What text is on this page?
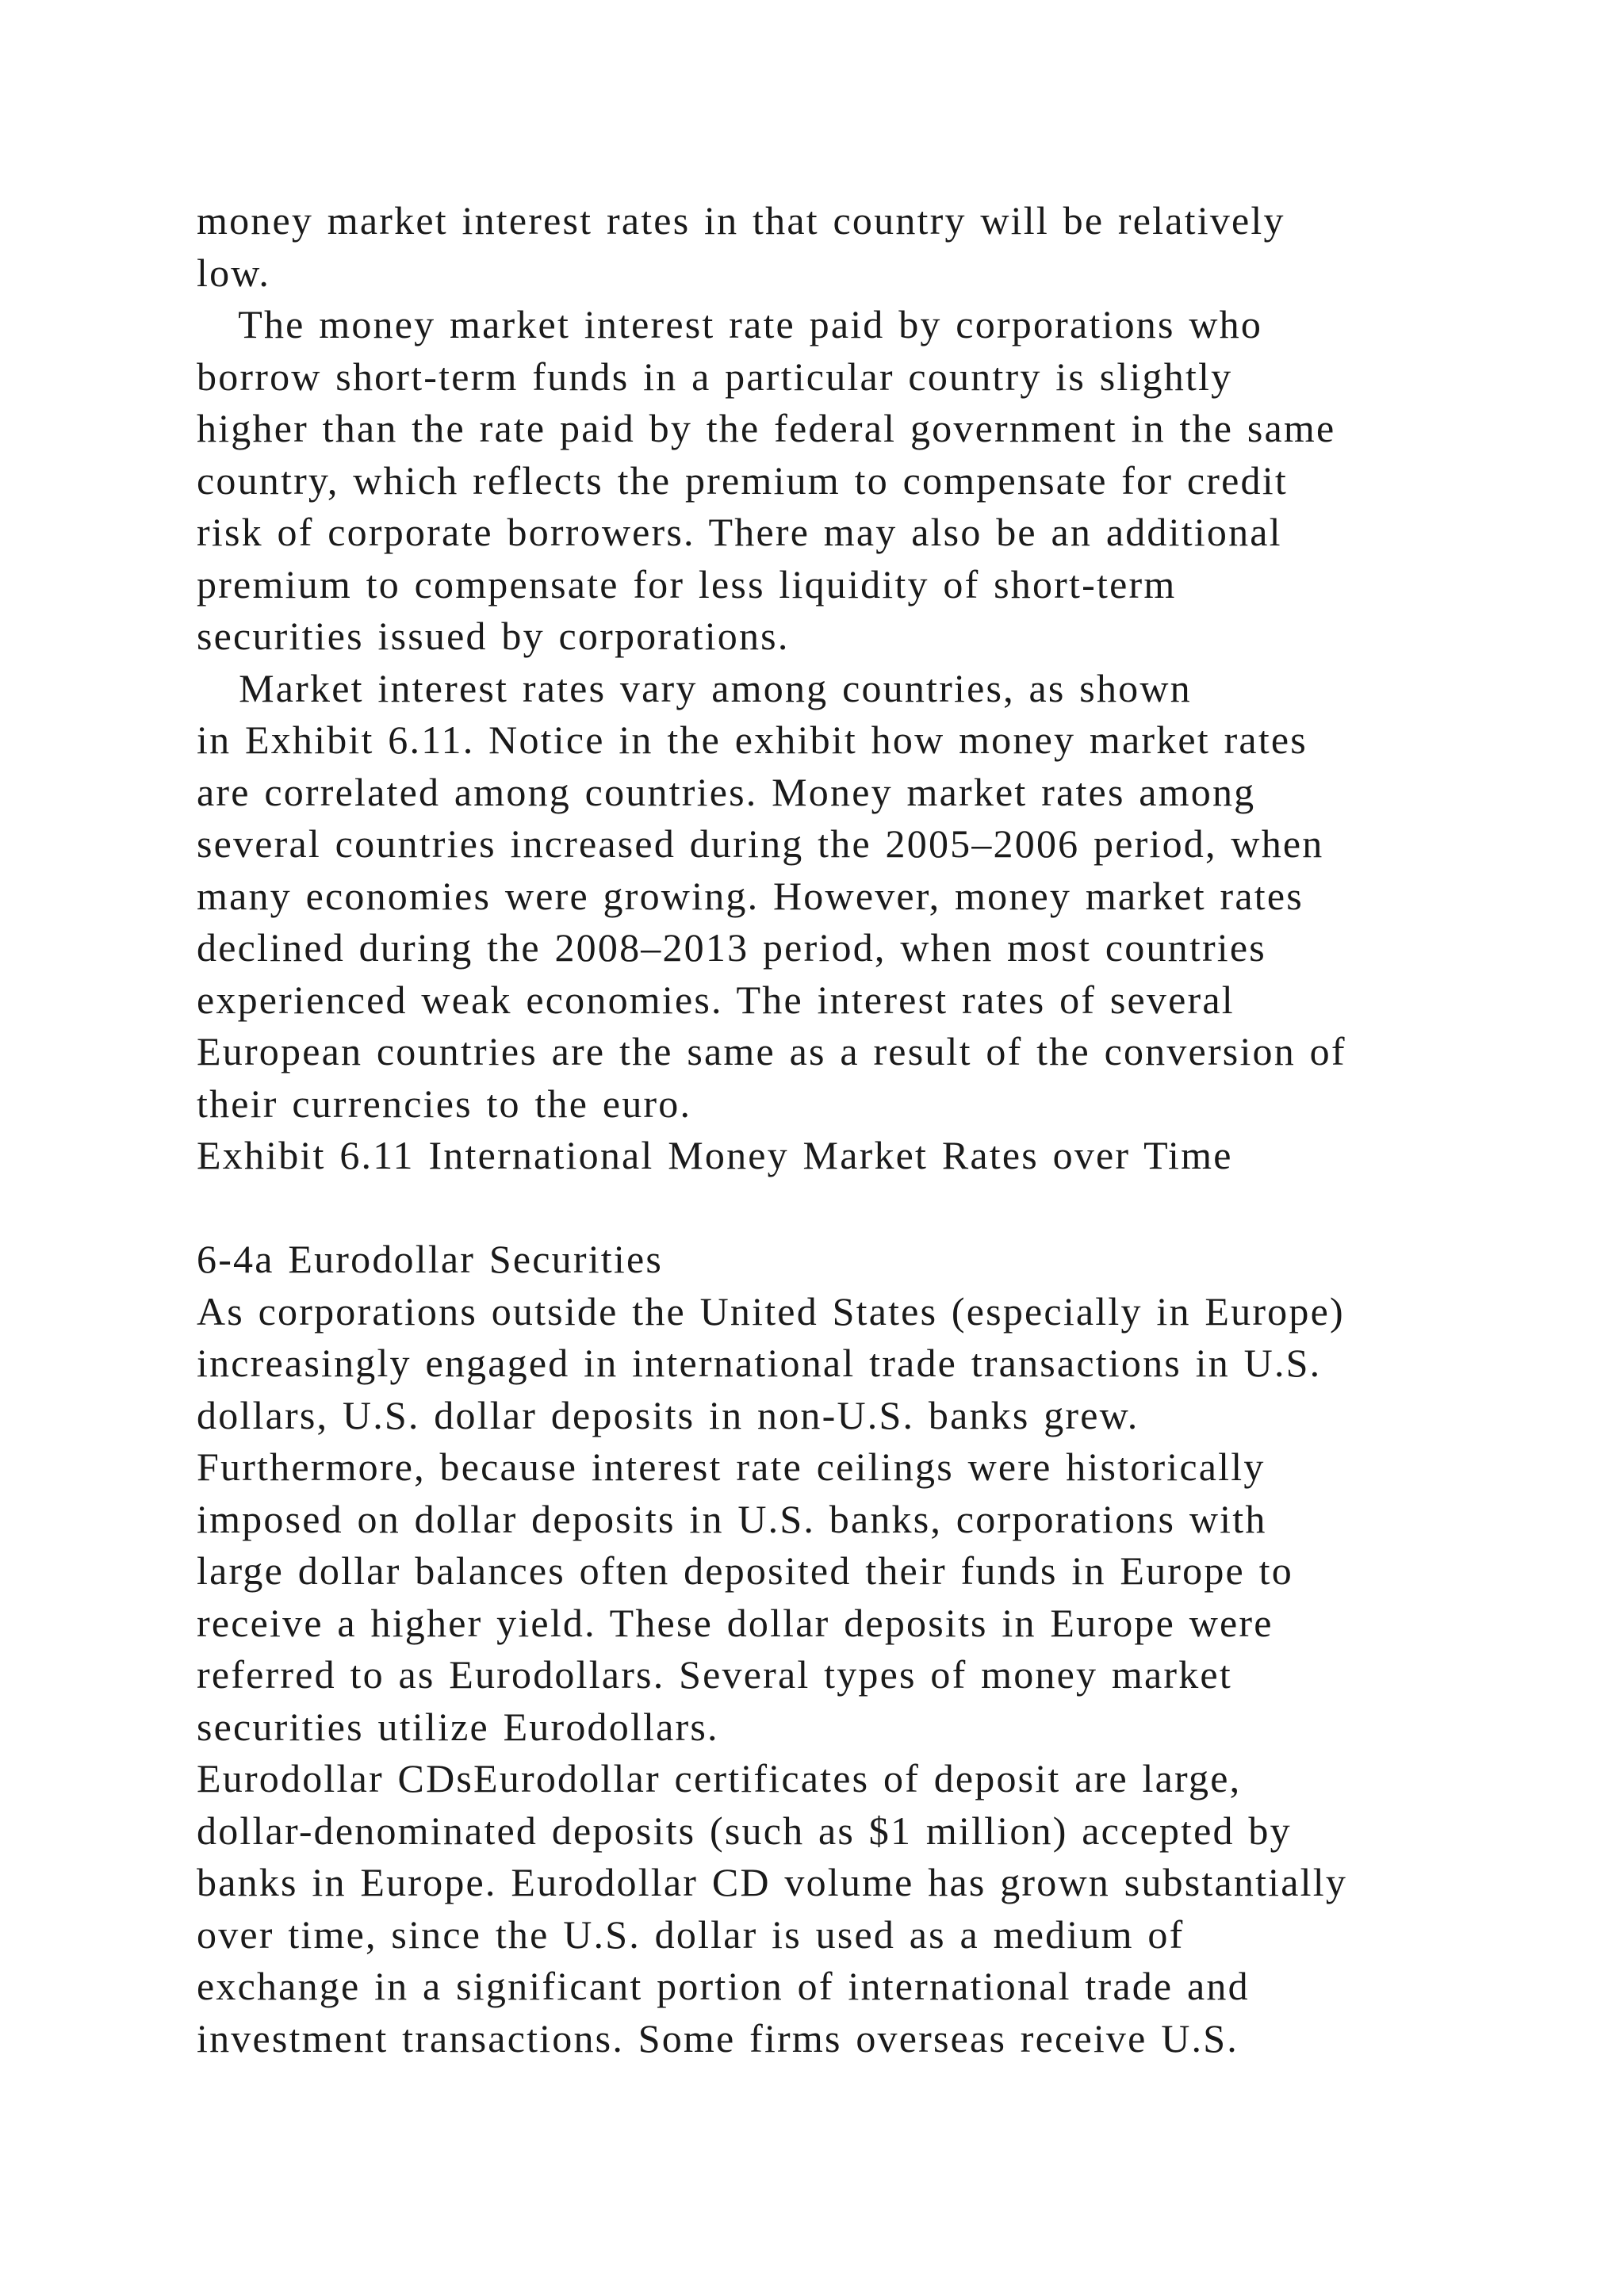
money market interest rates in that country will be relatively
low.
The money market interest rate paid by corporations who
borrow short-term funds in a particular country is slightly
higher than the rate paid by the federal government in the same
country, which reflects the premium to compensate for credit
risk of corporate borrowers. There may also be an additional
premium to compensate for less liquidity of short-term
securities issued by corporations.
Market interest rates vary among countries, as shown
in Exhibit 6.11. Notice in the exhibit how money market rates
are correlated among countries. Money market rates among
several countries increased during the 2005–2006 period, when
many economies were growing. However, money market rates
declined during the 2008–2013 period, when most countries
experienced weak economies. The interest rates of several
European countries are the same as a result of the conversion of
their currencies to the euro.
Exhibit 6.11 International Money Market Rates over Time
6-4a Eurodollar Securities
As corporations outside the United States (especially in Europe)
increasingly engaged in international trade transactions in U.S.
dollars, U.S. dollar deposits in non-U.S. banks grew.
Furthermore, because interest rate ceilings were historically
imposed on dollar deposits in U.S. banks, corporations with
large dollar balances often deposited their funds in Europe to
receive a higher yield. These dollar deposits in Europe were
referred to as Eurodollars. Several types of money market
securities utilize Eurodollars.
Eurodollar CDsEurodollar certificates of deposit are large,
dollar-denominated deposits (such as $1 million) accepted by
banks in Europe. Eurodollar CD volume has grown substantially
over time, since the U.S. dollar is used as a medium of
exchange in a significant portion of international trade and
investment transactions. Some firms overseas receive U.S.
